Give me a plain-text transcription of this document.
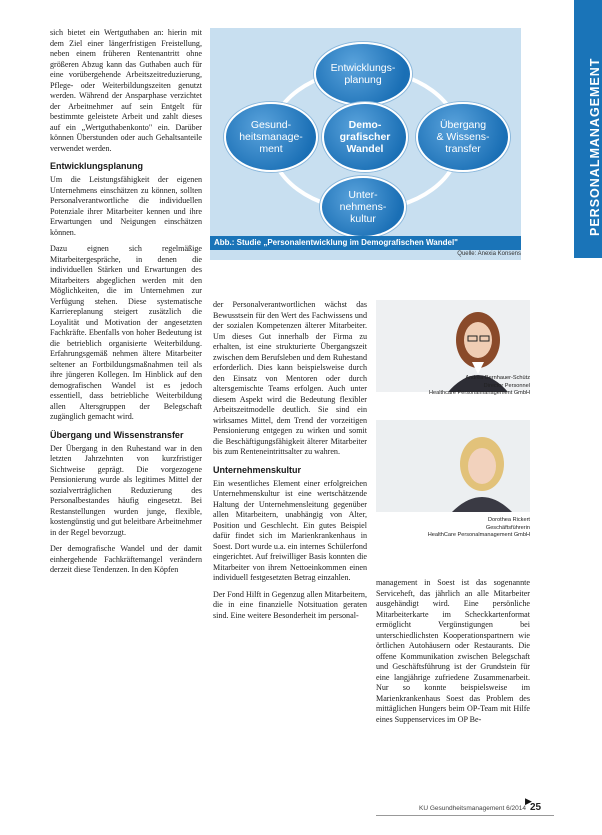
sich bietet ein Wertguthaben an: hierin mit dem Ziel einer längerfristigen Freistellung, neben einem früheren Rentenantritt ohne größeren Abzug kann das Guthaben auch für eine vorübergehende Arbeitszeitreduzierung, Pflege- oder Weiterbildungszeiten genutzt werden. Während der Ansparphase verzichtet der Arbeitnehmer auf sein Entgelt für bestimmte geleistete Arbeit und zahlt dieses auf ein „Wertguthabenkonto" ein. Darüber können Überstunden oder auch Gehaltsanteile verwendet werden.

Entwicklungsplanung

Um die Leistungsfähigkeit der eigenen Unternehmens einschätzen zu können, sollten Personalverantwortliche die individuellen Potenziale ihrer Mitarbeiter kennen und ihre Erwartungen und Neigungen einschätzen können.

Dazu eignen sich regelmäßige Mitarbeitergespräche, in denen die individuellen Stärken und Erwartungen des Mitarbeiters abgeglichen werden mit den Möglichkeiten, die im Unternehmen zur Verfügung stehen. Diese systematische Karriereplanung steigert zusätzlich die Loyalität und Motivation der angesetzten Fachkräfte. Ebenfalls von hoher Bedeutung ist die betrieblich organisierte Weiterbildung. Erfahrungsgemäß nehmen ältere Mitarbeiter seltener an Fortbildungsmaßnahmen teil als ihre jüngeren Kollegen. Im Hinblick auf den demografischen Wandel ist es jedoch essentiell, dass betriebliche Weiterbildung allen Altersgruppen der Belegschaft zugänglich gemacht wird.

Übergang und Wissenstransfer

Der Übergang in den Ruhestand war in den letzten Jahrzehnten von kurzfristiger Sichtweise geprägt. Die vorgezogene Pensionierung wurde als legitimes Mittel der sozialverträglichen Reduzierung des Personalbestandes häufig eingesetzt. Bei Restanstellungen wurden junge, flexible, kostengünstig und gut beleitbare Arbeitnehmer in der Regel bevorzugt.

Der demografische Wandel und der damit einhergehende Fachkräftemangel verändern derzeit diese Tendenzen. In den Köpfen

Entwicklungs-
planung
Gesund-
heitsmanage-
ment
Demo-
grafischer
Wandel
Übergang
& Wissens-
transfer
Unter-
nehmens-
kultur
Abb.: Studie „Personalentwicklung im Demografischen Wandel"
Quelle: Anexia Konsens
PERSONALMANAGEMENT

der Personalverantwortlichen wächst das Bewusstsein für den Wert des Fachwissens und der sozialen Kompetenzen älterer Mitarbeiter. Um dieses Gut innerhalb der Firma zu erhalten, ist eine strukturierte Übergangszeit zwischen dem Berufsleben und dem Ruhestand erforderlich. Dies kann beispielsweise durch den Einsatz von Mentoren oder durch altersgemischte Teams erfolgen. Auch unter diesem Aspekt wird die Bedeutung flexibler Arbeitszeitmodelle deutlich. Sie sind ein wirksames Mittel, dem Trend der vorzeitigen Pensionierung entgegen zu wirken und somit die Beschäftigungsfähigkeit älterer Mitarbeiter bis zum Renteneintrittsalter zu wahren.

Unternehmenskultur

Ein wesentliches Element einer erfolgreichen Unternehmenskultur ist eine wertschätzende Haltung der Unternehmensleitung gegenüber allen Mitarbeitern, unabhängig von Alter, Position und Geschlecht. Ein gutes Beispiel dafür findet sich im Marienkrankenhaus in Soest. Dort wurde u.a. ein internes Schülerfond eingerichtet. Auf freiwilliger Basis konnten die Mitarbeiter von ihrem Nettoeinkommen einen individuell festgesetzten Betrag einzahlen.

Der Fond Hilft in Gegenzug allen Mitarbeitern, die in eine finanzielle Notsituation geraten sind. Eine weitere Besonderheit im personal-

Andrea Bernhauer-Schütz
Director Personnel
Healthcare Personalmanagement GmbH
Dorothea Rickert
Geschäftsführerin
HealthCare Personalmanagement GmbH

management in Soest ist das sogenannte Serviceheft, das jährlich an alle Mitarbeiter ausgehändigt wird. Eine persönliche Mitarbeiterkarte im Scheckkartenformat ermöglicht Vergünstigungen bei unterschiedlichsten Kooperationspartnern wie örtlichen Autohäusern oder Restaurants. Die offene Kommunikation zwischen Belegschaft und Geschäftsführung ist der Grundstein für eine langjährige zufriedene Zusammenarbeit. Nur so konnte beispielsweise im Marienkrankenhaus Soest das Problem des mittäglichen Hungers beim OP-Team mit Hilfe eines Suppenservices im OP Be-

▶
KU Gesundheitsmanagement 6/2014 25
